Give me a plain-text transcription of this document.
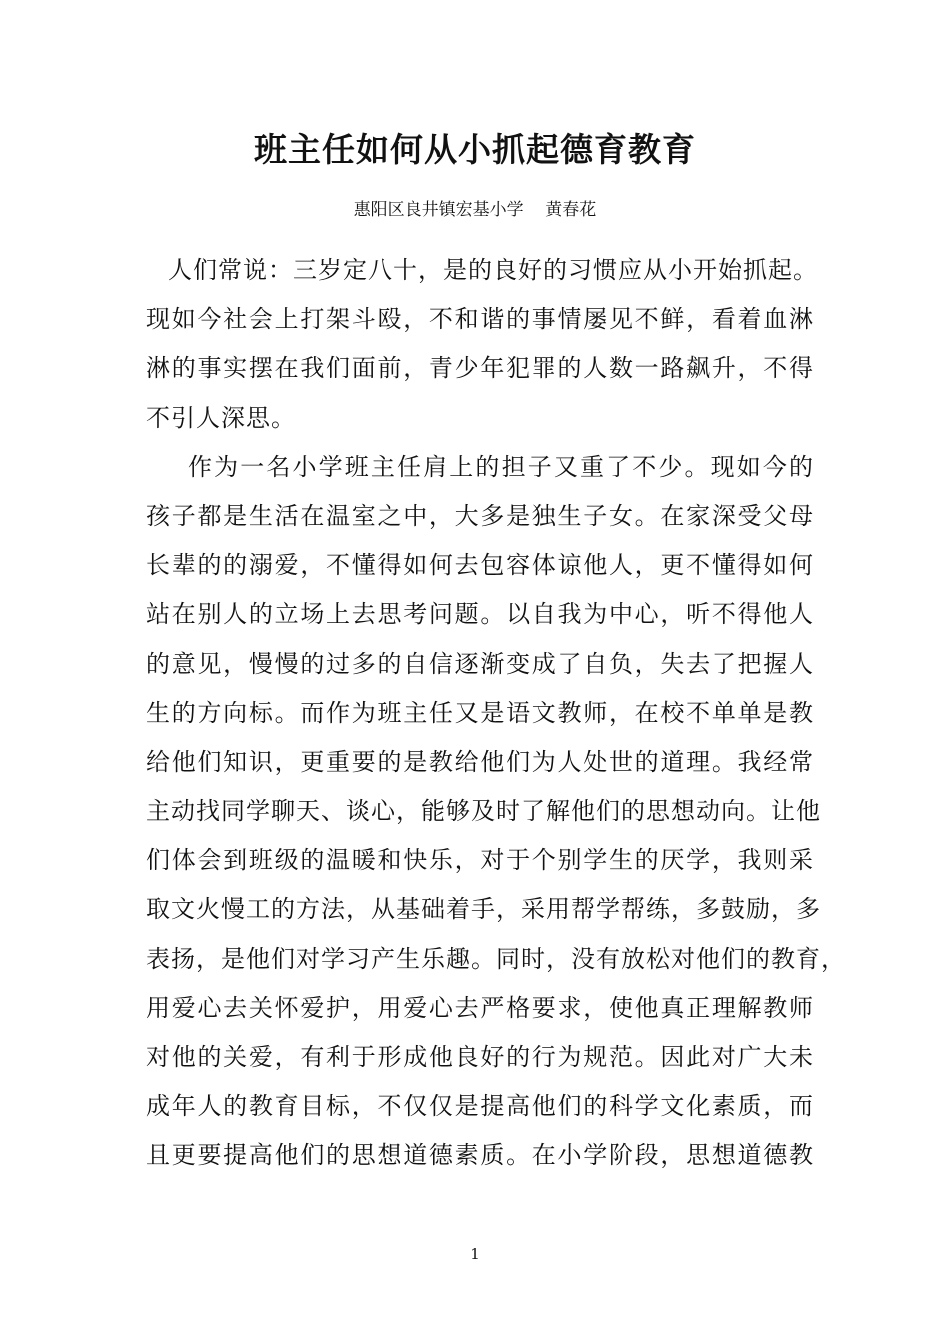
班主任如何从小抓起德育教育
惠阳区良井镇宏基小学    黄春花
人们常说：三岁定八十，是的良好的习惯应从小开始抓起。
现如今社会上打架斗殴，不和谐的事情屡见不鲜，看着血淋
淋的事实摆在我们面前，青少年犯罪的人数一路飙升，不得
不引人深思。
作为一名小学班主任肩上的担子又重了不少。现如今的
孩子都是生活在温室之中，大多是独生子女。在家深受父母
长辈的的溺爱，不懂得如何去包容体谅他人，更不懂得如何
站在别人的立场上去思考问题。以自我为中心，听不得他人
的意见，慢慢的过多的自信逐渐变成了自负，失去了把握人
生的方向标。而作为班主任又是语文教师，在校不单单是教
给他们知识，更重要的是教给他们为人处世的道理。我经常
主动找同学聊天、谈心，能够及时了解他们的思想动向。让他
们体会到班级的温暖和快乐，对于个别学生的厌学，我则采
取文火慢工的方法，从基础着手，采用帮学帮练，多鼓励，多
表扬，是他们对学习产生乐趣。同时，没有放松对他们的教育，
用爱心去关怀爱护，用爱心去严格要求，使他真正理解教师
对他的关爱，有利于形成他良好的行为规范。因此对广大未
成年人的教育目标，不仅仅是提高他们的科学文化素质，而
且更要提高他们的思想道德素质。在小学阶段，思想道德教
1
